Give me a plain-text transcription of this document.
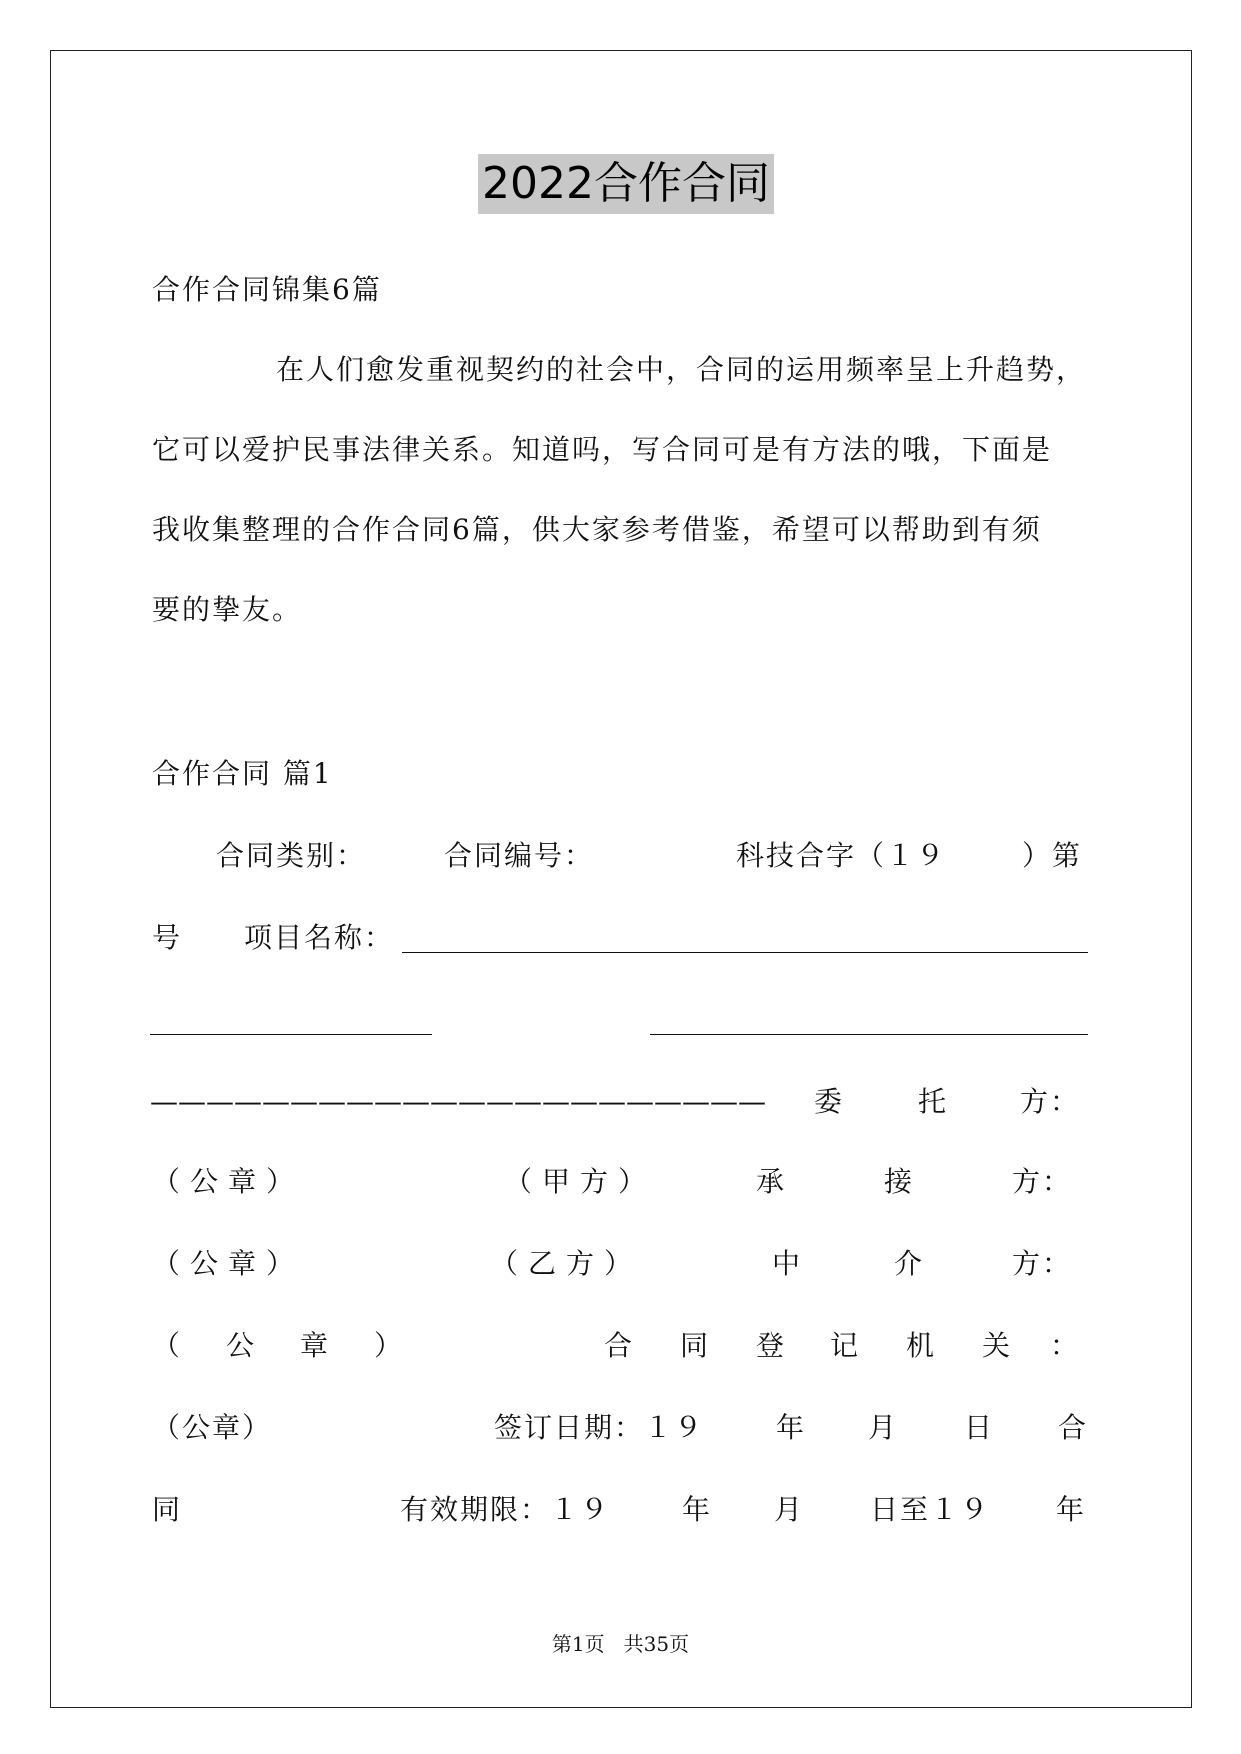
2022合作合同
合作合同锦集6篇
在人们愈发重视契约的社会中，合同的运用频率呈上升趋势，
它可以爱护民事法律关系。知道吗，写合同可是有方法的哦，下面是
我收集整理的合作合同6篇，供大家参考借鉴，希望可以帮助到有须
要的挚友。
合作合同 篇1
合同类别：	合同编号：	科技合字（１９	）第
号 项目名称：
—————————————————————— 委	托	方：
（公章）	（甲方）	承	接	方：
（公章）	（乙方）	中	介	方：
（ 公 章 ）	合 同 登 记 机 关 ：
（公章）	签订日期：１９	年 月 日 合
同	有效期限：１９	年 月 日至１９ 年
第1页   共35页
